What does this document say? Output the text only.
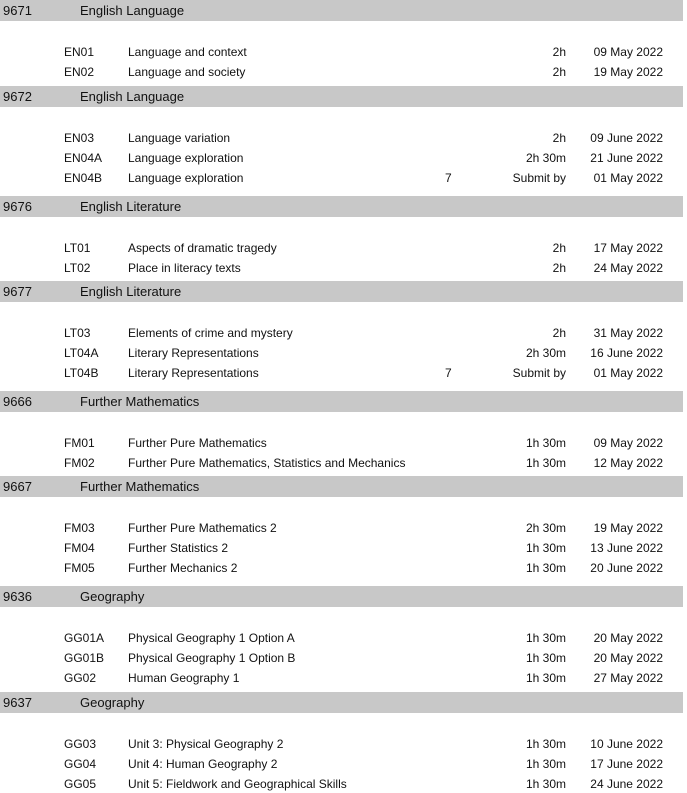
9671	English Language
EN01	Language and context	2h 09 May 2022
EN02	Language and society	2h 19 May 2022
9672	English Language
EN03	Language variation	2h 09 June 2022
EN04A Language exploration	2h 30m 21 June 2022
EN04B Language exploration	7	Submit by 01 May 2022
9676	English Literature
LT01	Aspects of dramatic tragedy	2h 17 May 2022
LT02	Place in literacy texts	2h 24 May 2022
9677	English Literature
LT03	Elements of crime and mystery	2h 31 May 2022
LT04A Literary Representations	2h 30m 16 June 2022
LT04B Literary Representations	7	Submit by 01 May 2022
9666	Further Mathematics
FM01	Further Pure Mathematics	1h 30m 09 May 2022
FM02	Further Pure Mathematics, Statistics and Mechanics	1h 30m 12 May 2022
9667	Further Mathematics
FM03	Further Pure Mathematics 2	2h 30m 19 May 2022
FM04	Further Statistics 2	1h 30m 13 June 2022
FM05	Further Mechanics 2	1h 30m 20 June 2022
9636	Geography
GG01A Physical Geography 1 Option A	1h 30m 20 May 2022
GG01B Physical Geography 1 Option B	1h 30m 20 May 2022
GG02	Human Geography 1	1h 30m 27 May 2022
9637	Geography
GG03	Unit 3: Physical Geography 2	1h 30m 10 June 2022
GG04	Unit 4: Human Geography 2	1h 30m 17 June 2022
GG05	Unit 5: Fieldwork and Geographical Skills	1h 30m 24 June 2022
